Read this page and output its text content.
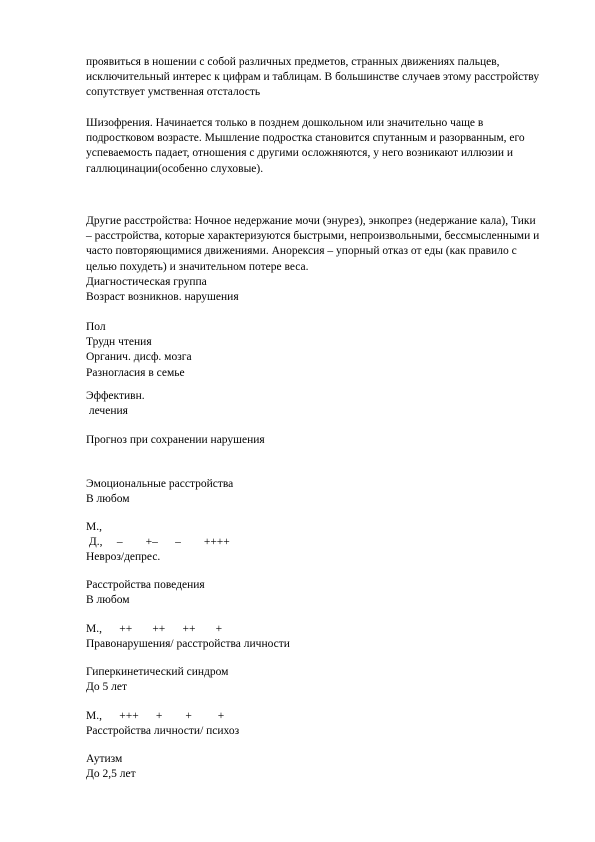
проявиться в ношении с собой различных предметов, странных движениях пальцев,
исключительный интерес к цифрам и таблицам. В большинстве случаев этому расстройству
сопутствует умственная отсталость
Шизофрения. Начинается только в позднем дошкольном или значительно чаще в
подростковом возрасте. Мышление подростка становится спутанным и разорванным, его
успеваемость падает, отношения с другими осложняются, у него возникают иллюзии и
галлюцинации(особенно слуховые).
Другие расстройства: Ночное недержание мочи (энурез), энкопрез (недержание кала), Тики
– расстройства, которые характеризуются быстрыми, непроизвольными, бессмысленными и
часто повторяющимися движениями. Анорексия – упорный отказ от еды (как правило с
целью похудеть) и значительном потере веса.
Диагностическая группа
Возраст возникнов. нарушения
Пол
Трудн чтения
Органич. дисф. мозга
Разногласия в семье
Эффективн.
лечения
Прогноз при сохранении нарушения
Эмоциональные расстройства
В любом
М.,
Д.,     –        +–      –        ++++
Невроз/депрес.
Расстройства поведения
В любом
М.,      ++       ++      ++       +
Правонарушения/ расстройства личности
Гиперкинетический синдром
До 5 лет
М.,      +++      +        +         +
Расстройства личности/ психоз
Аутизм
До 2,5 лет
